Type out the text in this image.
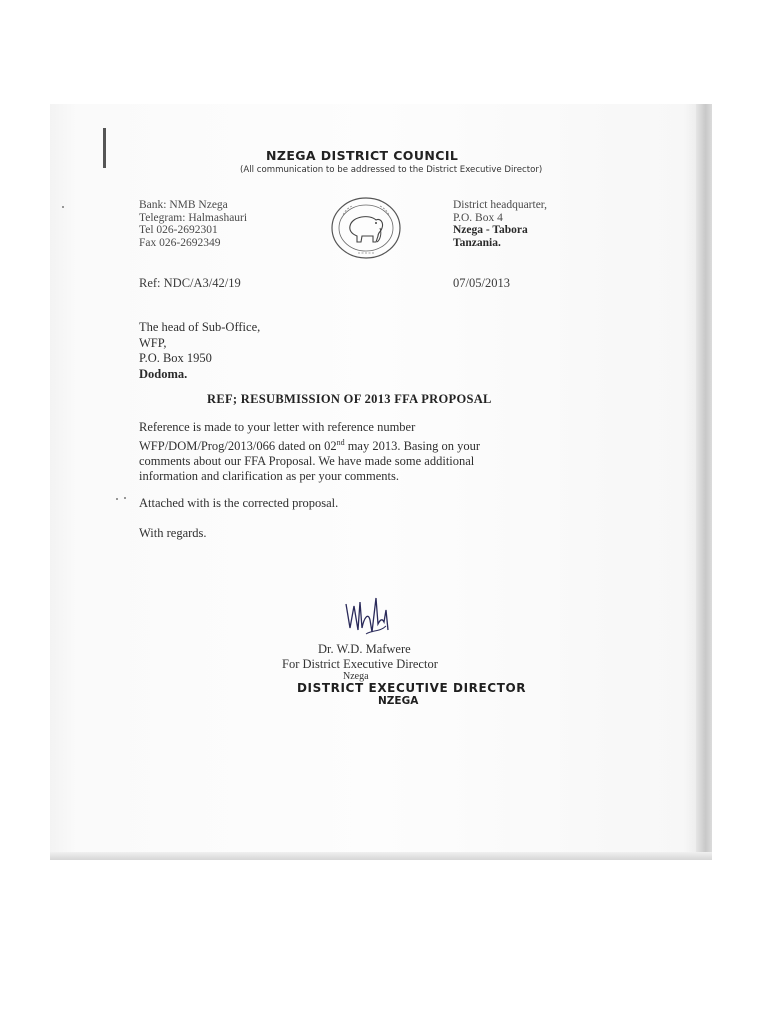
NZEGA DISTRICT COUNCIL
(All communication to be addressed to the District Executive Director)
Bank: NMB Nzega
Telegram: Halmashauri
Tel 026-2692301
Fax 026-2692349
District headquarter,
P.O. Box 4
Nzega - Tabora
Tanzania.
Ref: NDC/A3/42/19	07/05/2013
The head of Sub-Office,
WFP,
P.O. Box 1950
Dodoma.
REF; RESUBMISSION OF 2013 FFA PROPOSAL
Reference is made to your letter with reference number
WFP/DOM/Prog/2013/066 dated on 02nd may 2013. Basing on your
comments about our FFA Proposal. We have made some additional
information and clarification as per your comments.
Attached with is the corrected proposal.
With regards.
Dr. W.D. Mafwere
For District Executive Director
Nzega
DISTRICT EXECUTIVE DIRECTOR
NZEGA
